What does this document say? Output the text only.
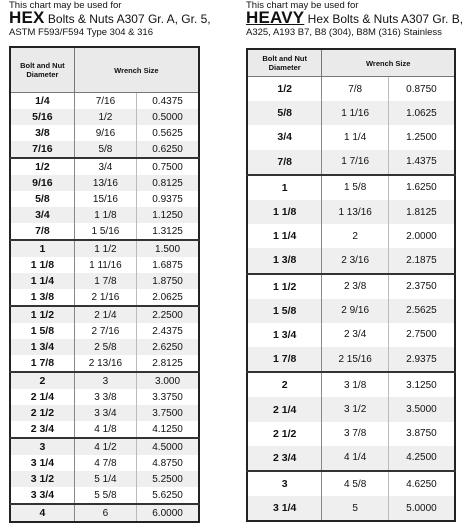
This chart may be used for
HEX Bolts & Nuts A307 Gr. A, Gr. 5,
ASTM F593/F594 Type 304 & 316
Bolt and Nut Diameter	Wrench Size	
1/4	7/16	0.4375
5/16	1/2	0.5000
3/8	9/16	0.5625
7/16	5/8	0.6250
1/2	3/4	0.7500
9/16	13/16	0.8125
5/8	15/16	0.9375
3/4	1 1/8	1.1250
7/8	1 5/16	1.3125
1	1 1/2	1.500
1 1/8	1 11/16	1.6875
1 1/4	1 7/8	1.8750
1 3/8	2 1/16	2.0625
1 1/2	2 1/4	2.2500
1 5/8	2 7/16	2.4375
1 3/4	2 5/8	2.6250
1 7/8	2 13/16	2.8125
2	3	3.000
2 1/4	3 3/8	3.3750
2 1/2	3 3/4	3.7500
2 3/4	4 1/8	4.1250
3	4 1/2	4.5000
3 1/4	4 7/8	4.8750
3 1/2	5 1/4	5.2500
3 3/4	5 5/8	5.6250
4	6	6.0000
This chart may be used for
HEAVY Hex Bolts & Nuts A307 Gr. B,
A325, A193 B7, B8 (304), B8M (316) Stainless
Bolt and Nut Diameter	Wrench Size	
1/2	7/8	0.8750
5/8	1 1/16	1.0625
3/4	1 1/4	1.2500
7/8	1 7/16	1.4375
1	1 5/8	1.6250
1 1/8	1 13/16	1.8125
1 1/4	2	2.0000
1 3/8	2 3/16	2.1875
1 1/2	2 3/8	2.3750
1 5/8	2 9/16	2.5625
1 3/4	2 3/4	2.7500
1 7/8	2 15/16	2.9375
2	3 1/8	3.1250
2 1/4	3 1/2	3.5000
2 1/2	3 7/8	3.8750
2 3/4	4 1/4	4.2500
3	4 5/8	4.6250
3 1/4	5	5.0000
